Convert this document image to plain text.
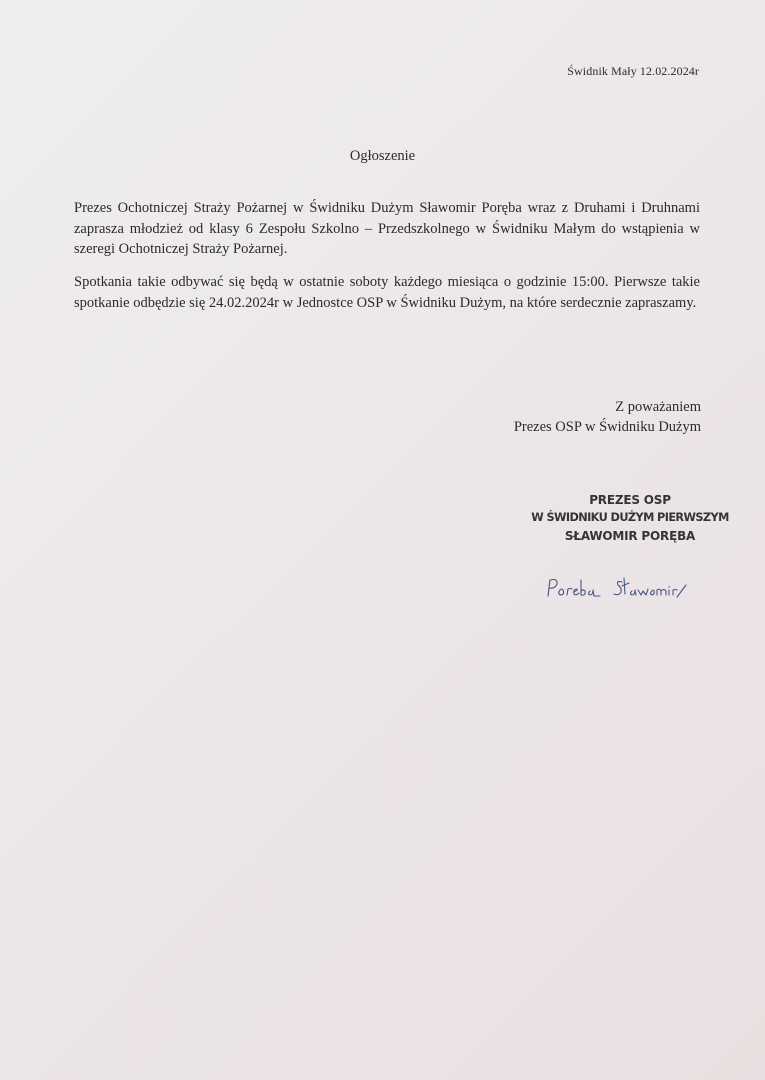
Świdnik Mały 12.02.2024r
Ogłoszenie
Prezes Ochotniczej Straży Pożarnej w Świdniku Dużym Sławomir Poręba wraz z Druhami i Druhnami zaprasza młodzież od klasy 6 Zespołu Szkolno – Przedszkolnego w Świdniku Małym do wstąpienia w szeregi Ochotniczej Straży Pożarnej.
Spotkania takie odbywać się będą w ostatnie soboty każdego miesiąca o godzinie 15:00. Pierwsze takie spotkanie odbędzie się 24.02.2024r w Jednostce OSP w Świdniku Dużym, na które serdecznie zapraszamy.
Z poważaniem
Prezes OSP w Świdniku Dużym
PREZES OSP
W ŚWIDNIKU DUŻYM PIERWSZYM
SŁAWOMIR PORĘBA
